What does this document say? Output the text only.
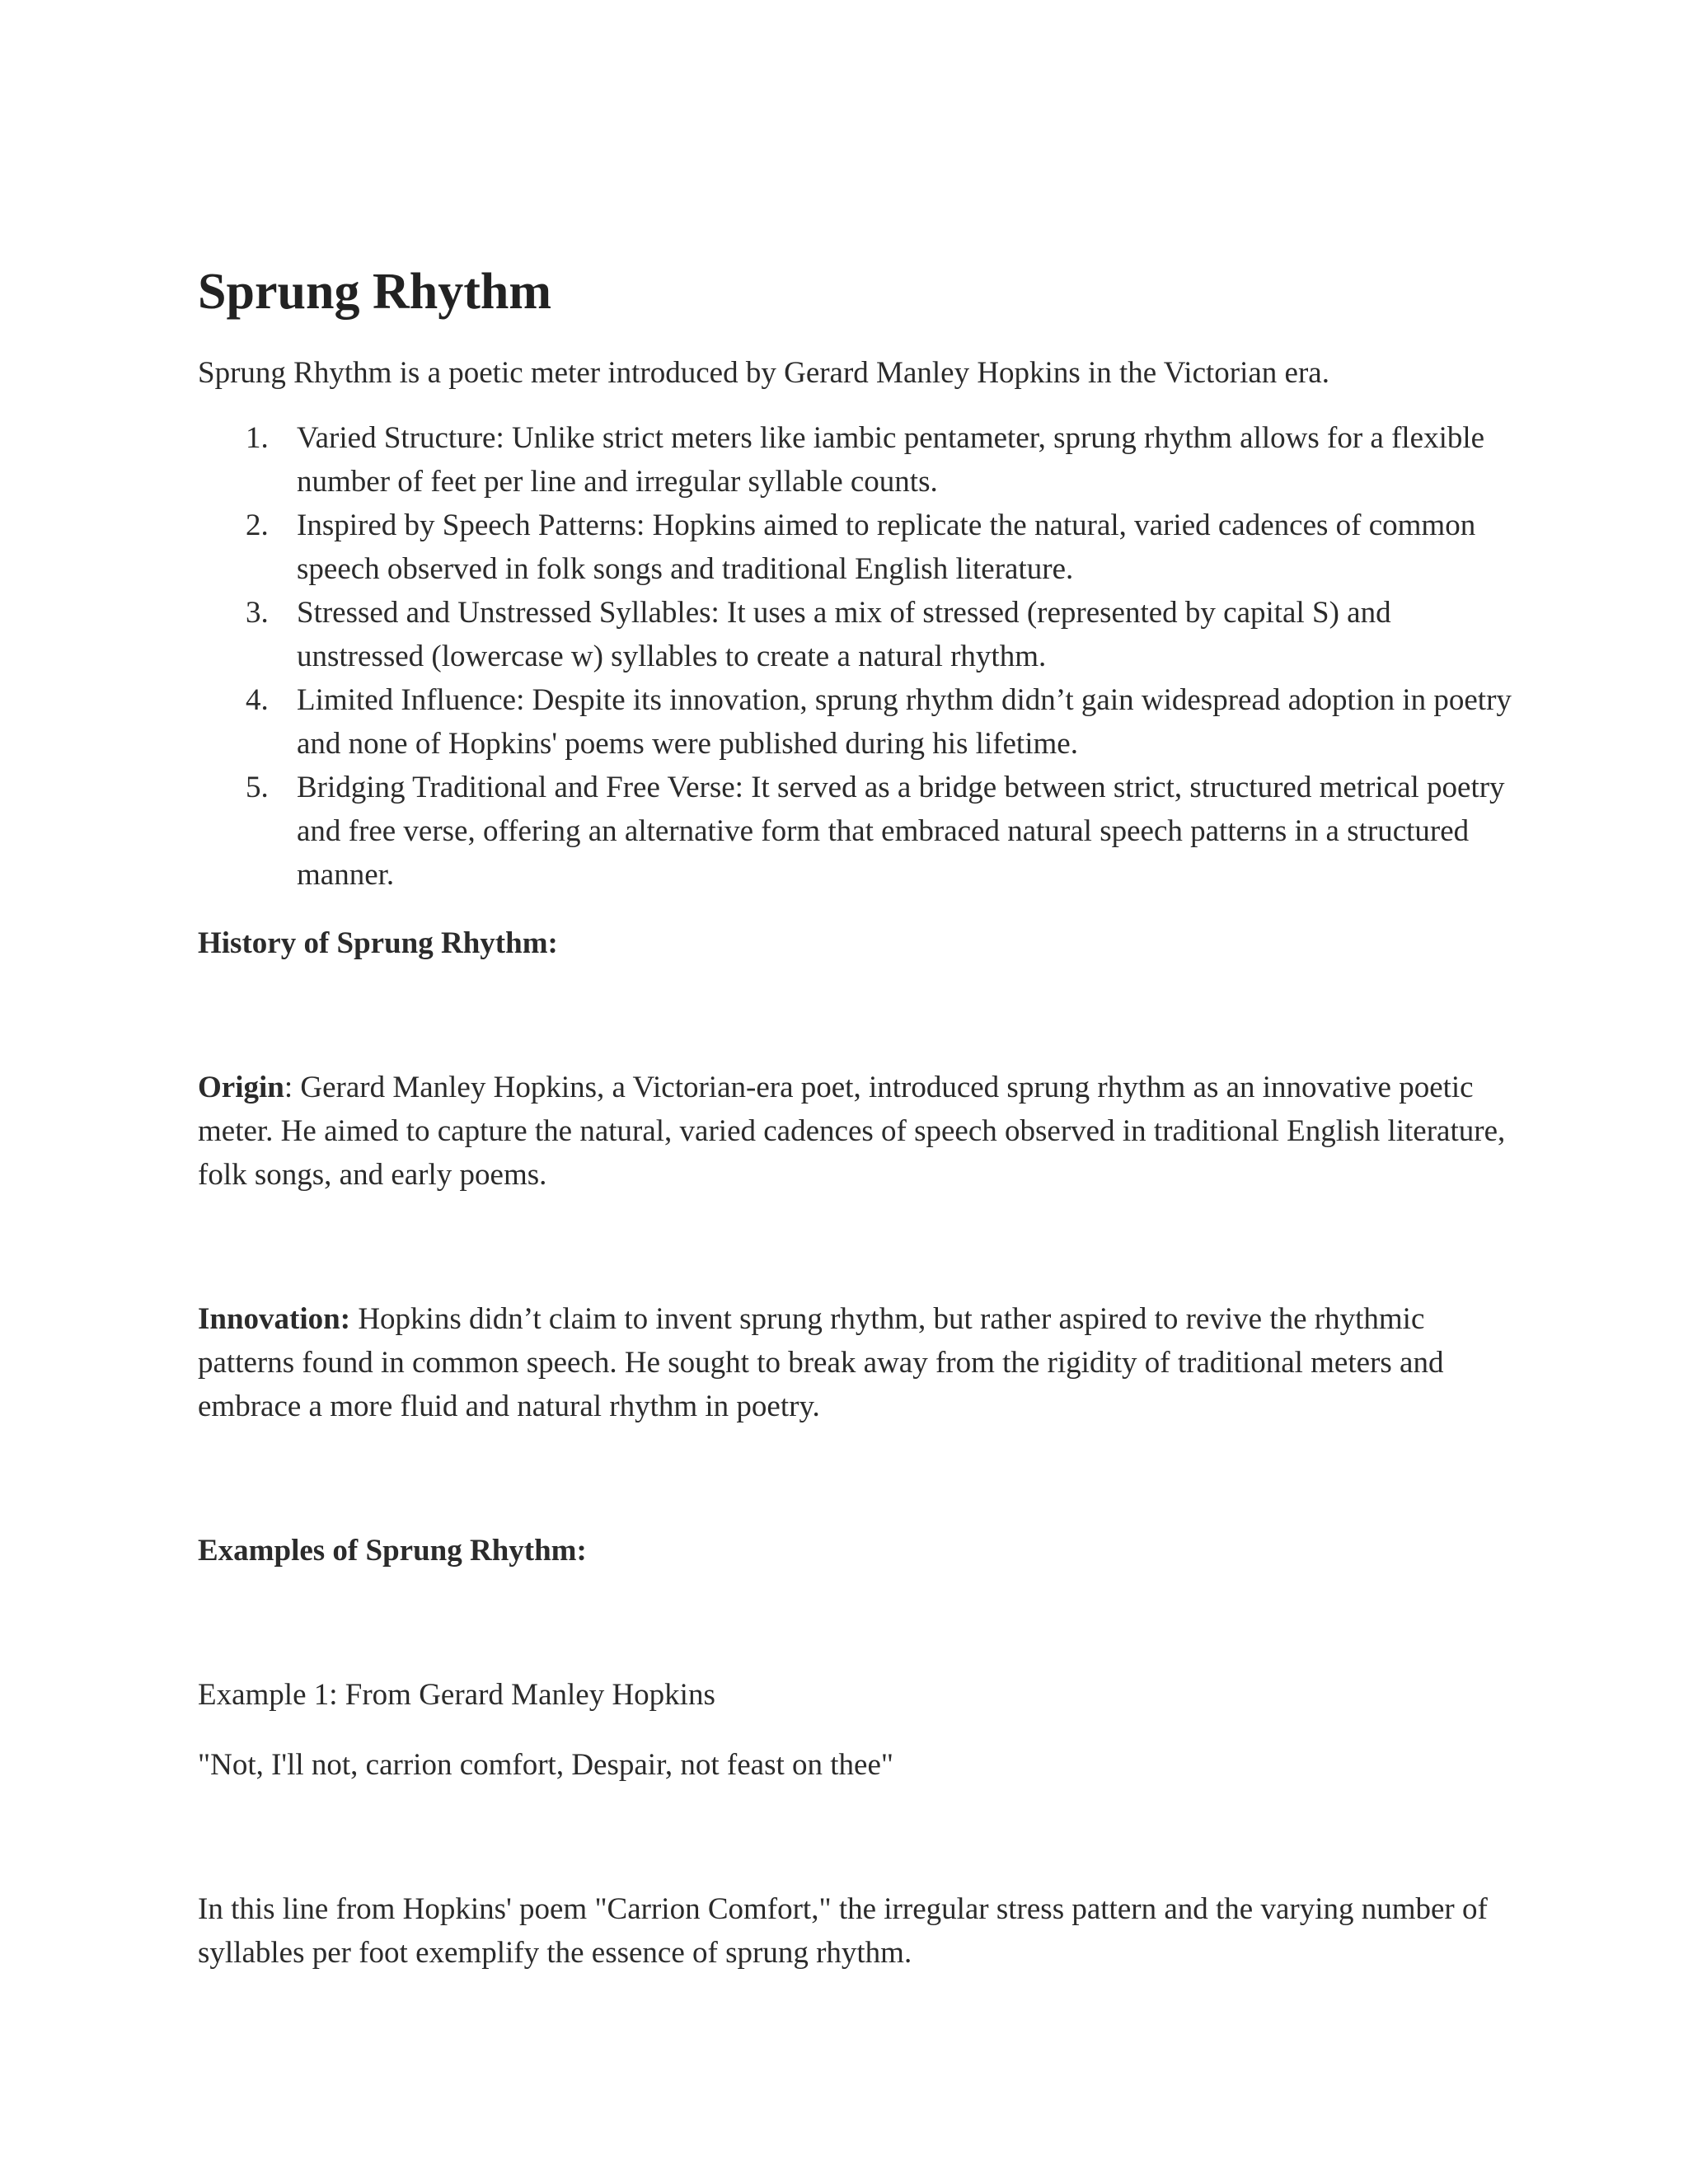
Sprung Rhythm

Sprung Rhythm is a poetic meter introduced by Gerard Manley Hopkins in the Victorian era.

1. Varied Structure: Unlike strict meters like iambic pentameter, sprung rhythm allows for a flexible number of feet per line and irregular syllable counts.
2. Inspired by Speech Patterns: Hopkins aimed to replicate the natural, varied cadences of common speech observed in folk songs and traditional English literature.
3. Stressed and Unstressed Syllables: It uses a mix of stressed (represented by capital S) and unstressed (lowercase w) syllables to create a natural rhythm.
4. Limited Influence: Despite its innovation, sprung rhythm didn’t gain widespread adoption in poetry and none of Hopkins' poems were published during his lifetime.
5. Bridging Traditional and Free Verse: It served as a bridge between strict, structured metrical poetry and free verse, offering an alternative form that embraced natural speech patterns in a structured manner.
History of Sprung Rhythm:

Origin: Gerard Manley Hopkins, a Victorian-era poet, introduced sprung rhythm as an innovative poetic meter. He aimed to capture the natural, varied cadences of speech observed in traditional English literature, folk songs, and early poems.

Innovation: Hopkins didn’t claim to invent sprung rhythm, but rather aspired to revive the rhythmic patterns found in common speech. He sought to break away from the rigidity of traditional meters and embrace a more fluid and natural rhythm in poetry.

Examples of Sprung Rhythm:

Example 1: From Gerard Manley Hopkins

"Not, I'll not, carrion comfort, Despair, not feast on thee"

In this line from Hopkins' poem "Carrion Comfort," the irregular stress pattern and the varying number of syllables per foot exemplify the essence of sprung rhythm.
